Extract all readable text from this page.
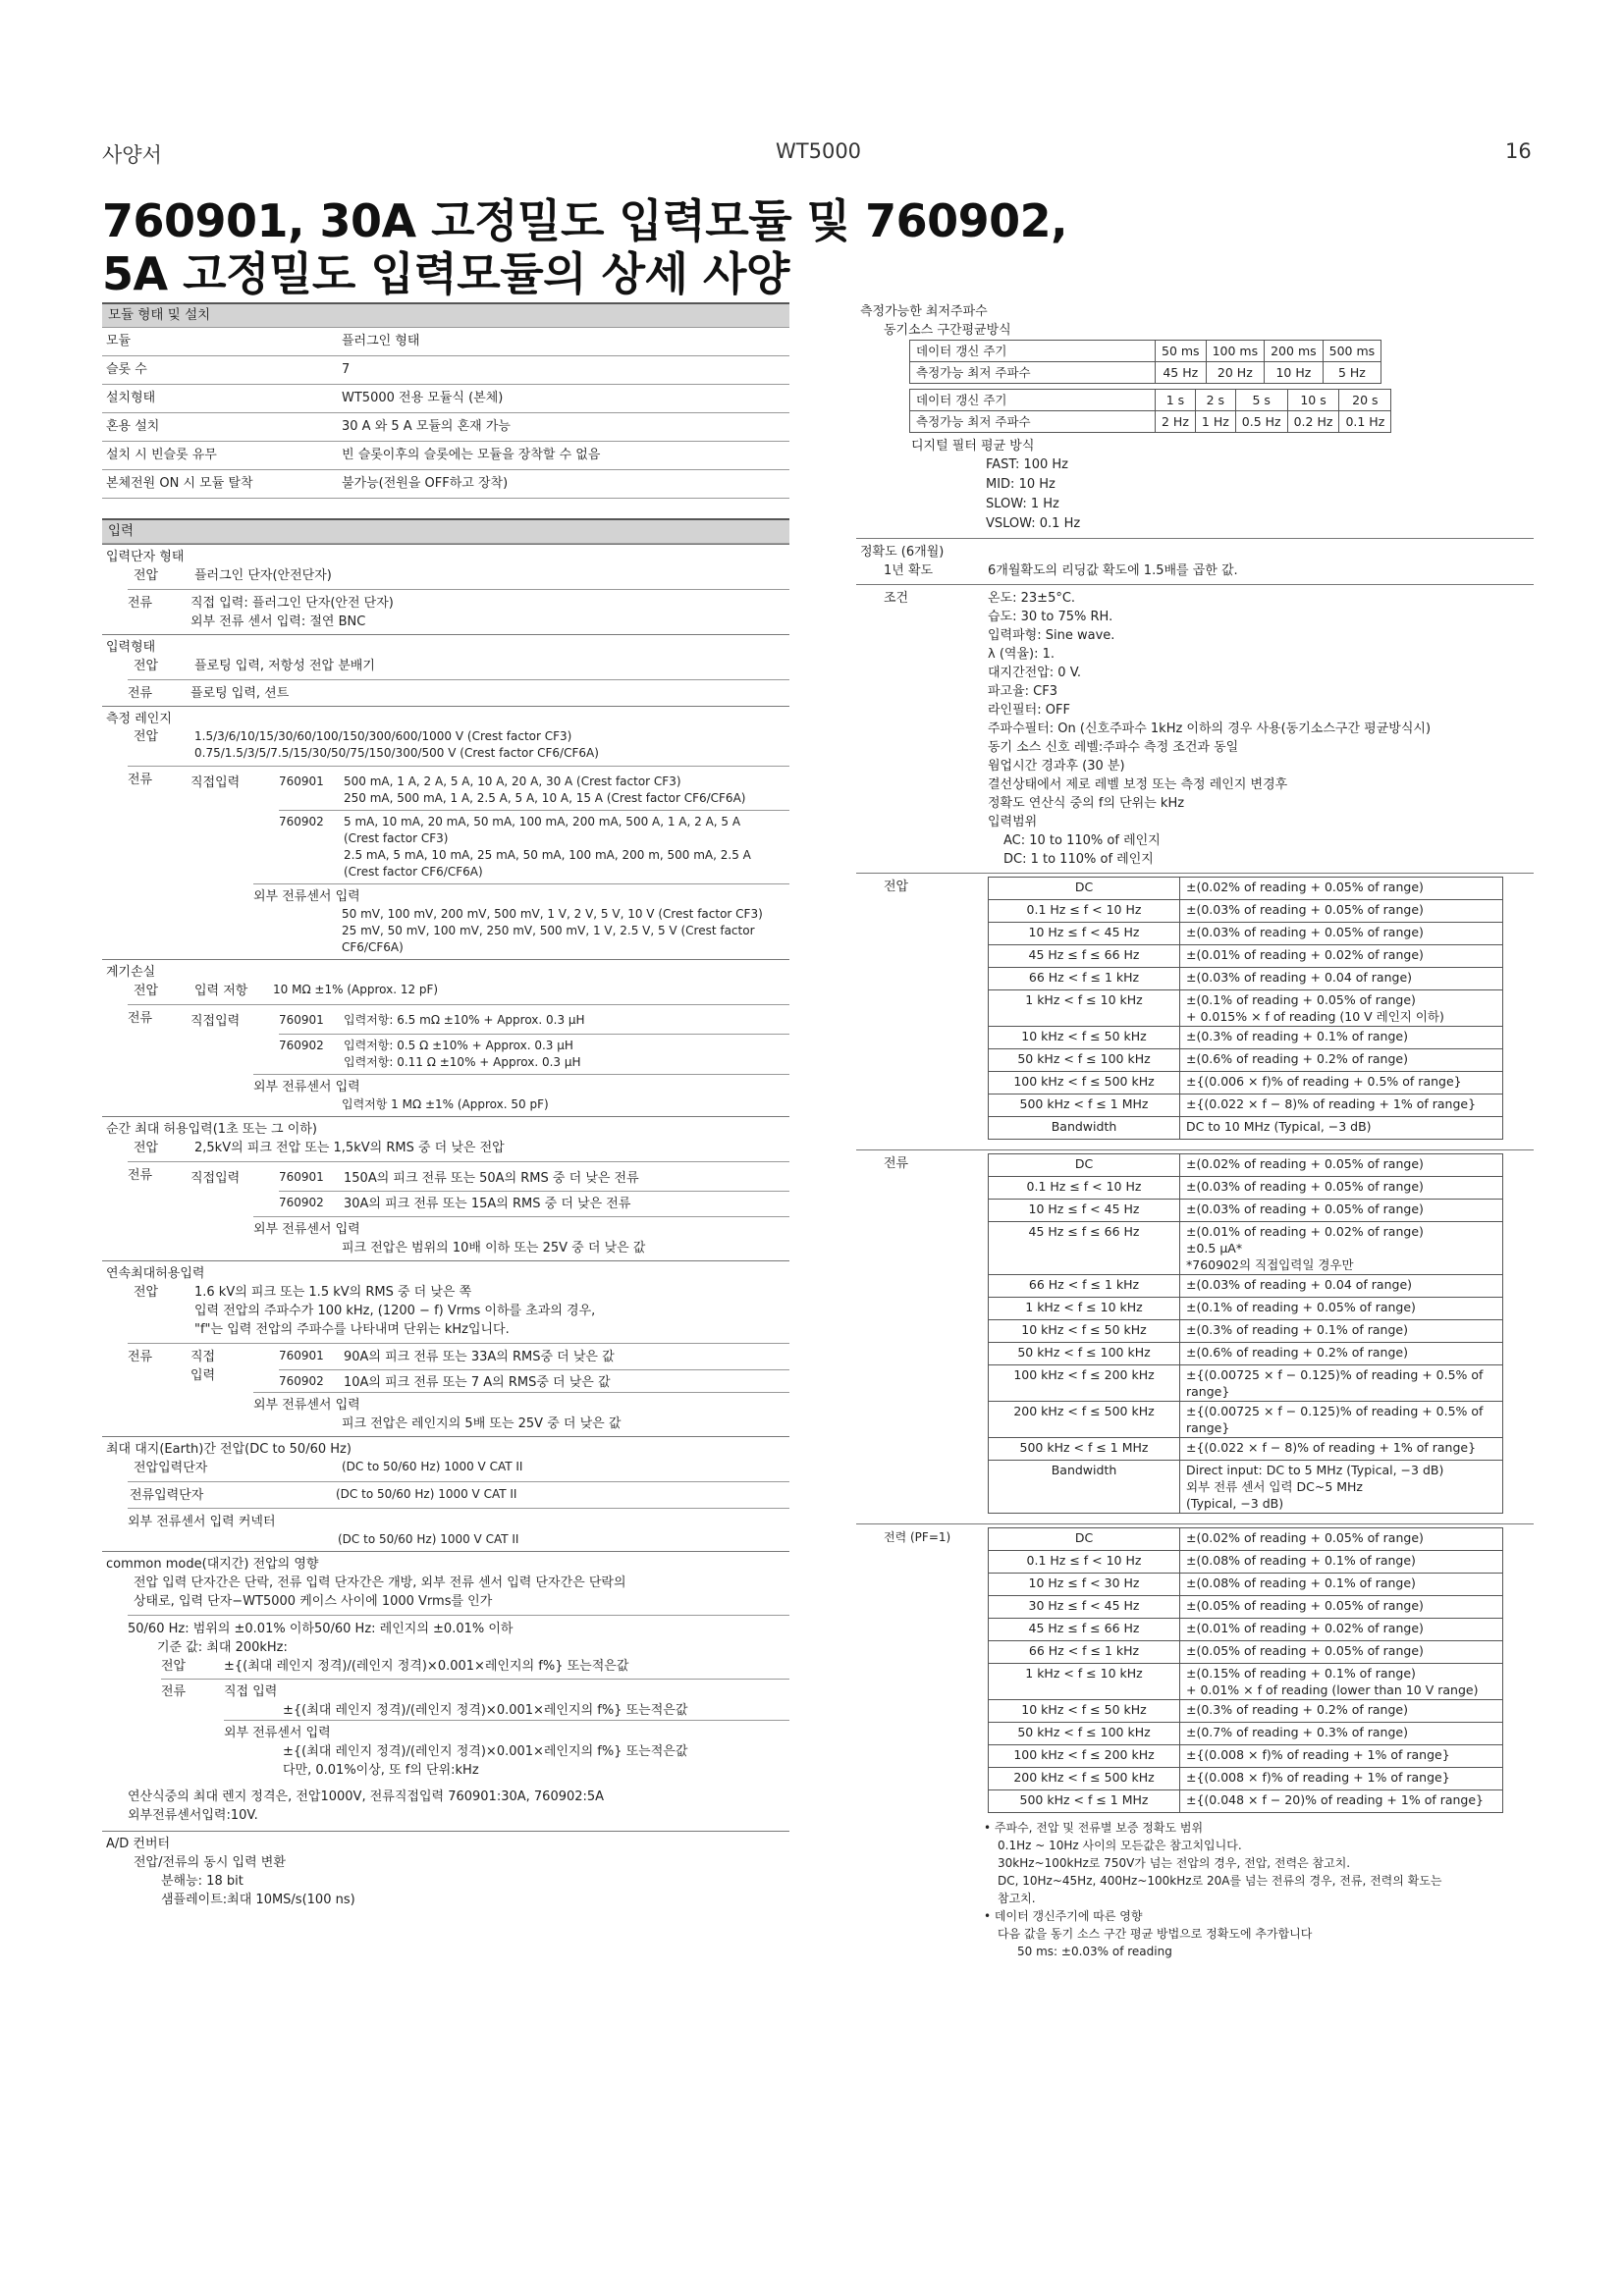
사양서	WT5000	16
760901, 30A 고정밀도 입력모듈 및 760902,
5A 고정밀도 입력모듈의 상세 사양
모듈 형태 및 설치
모듈	플러그인 형태
슬롯 수	7
설치형태	WT5000 전용 모듈식 (본체)
혼용 설치	30 A 와 5 A 모듈의 혼재 가능
설치 시 빈슬롯 유무	빈 슬롯이후의 슬롯에는 모듈을 장착할 수 없음
본체전원 ON 시 모듈 탈착	불가능(전원을 OFF하고 장착)
입력
입력단자 형태
전압	플러그인 단자(안전단자)
전류	직접 입력: 플러그인 단자(안전 단자)
외부 전류 센서 입력: 절연 BNC
입력형태
전압	플로팅 입력, 저항성 전압 분배기
전류	플로팅 입력, 션트
측정 레인지
전압	1.5/3/6/10/15/30/60/100/150/300/600/1000 V (Crest factor CF3)
0.75/1.5/3/5/7.5/15/30/50/75/150/300/500 V (Crest factor CF6/CF6A)
전류	직접입력	760901	500 mA, 1 A, 2 A, 5 A, 10 A, 20 A, 30 A (Crest factor CF3)
250 mA, 500 mA, 1 A, 2.5 A, 5 A, 10 A, 15 A (Crest factor CF6/CF6A)
760902	5 mA, 10 mA, 20 mA, 50 mA, 100 mA, 200 mA, 500 A, 1 A, 2 A, 5 A
(Crest factor CF3)
2.5 mA, 5 mA, 10 mA, 25 mA, 50 mA, 100 mA, 200 m, 500 mA, 2.5 A
(Crest factor CF6/CF6A)
외부 전류센서 입력
50 mV, 100 mV, 200 mV, 500 mV, 1 V, 2 V, 5 V, 10 V (Crest factor CF3)
25 mV, 50 mV, 100 mV, 250 mV, 500 mV, 1 V, 2.5 V, 5 V (Crest factor CF6/CF6A)
계기손실
전압	입력 저항	10 MΩ ±1% (Approx. 12 pF)
전류	직접입력	760901	입력저항: 6.5 mΩ ±10% + Approx. 0.3 µH
760902	입력저항: 0.5 Ω ±10% + Approx. 0.3 µH
입력저항: 0.11 Ω ±10% + Approx. 0.3 µH
외부 전류센서 입력
입력저항 1 MΩ ±1% (Approx. 50 pF)
순간 최대 허용입력(1초 또는 그 이하)
전압	2,5kV의 피크 전압 또는 1,5kV의 RMS 중 더 낮은 전압
전류	직접입력	760901	150A의 피크 전류 또는 50A의 RMS 중 더 낮은 전류
760902	30A의 피크 전류 또는 15A의 RMS 중 더 낮은 전류
외부 전류센서 입력
피크 전압은 범위의 10배 이하 또는 25V 중 더 낮은 값
연속최대허용입력
전압	1.6 kV의 피크 또는 1.5 kV의 RMS 중 더 낮은 쪽
입력 전압의 주파수가 100 kHz, (1200 − f) Vrms 이하를 초과의 경우,
"f"는 입력 전압의 주파수를 나타내며 단위는 kHz입니다.
전류	직접
입력
760901	90A의 피크 전류 또는 33A의 RMS중 더 낮은 값
760902	10A의 피크 전류 또는 7 A의 RMS중 더 낮은 값
외부 전류센서 입력
피크 전압은 레인지의 5배 또는 25V 중 더 낮은 값
최대 대지(Earth)간 전압(DC to 50/60 Hz)
전압입력단자	(DC to 50/60 Hz) 1000 V CAT II
전류입력단자	(DC to 50/60 Hz) 1000 V CAT II
외부 전류센서 입력 커넥터
(DC to 50/60 Hz) 1000 V CAT II
common mode(대지간) 전압의 영향
전압 입력 단자간은 단락, 전류 입력 단자간은 개방, 외부 전류 센서 입력 단자간은 단락의
상태로, 입력 단자−WT5000 케이스 사이에 1000 Vrms를 인가
50/60 Hz: 범위의 ±0.01% 이하50/60 Hz: 레인지의 ±0.01% 이하
기준 값: 최대 200kHz:
전압	±{(최대 레인지 정격)/(레인지 정격)×0.001×레인지의 f%} 또는적은값
전류	직접 입력
±{(최대 레인지 정격)/(레인지 정격)×0.001×레인지의 f%} 또는적은값
외부 전류센서 입력
±{(최대 레인지 정격)/(레인지 정격)×0.001×레인지의 f%} 또는적은값
다만, 0.01%이상, 또 f의 단위:kHz
연산식중의 최대 렌지 정격은, 전압1000V, 전류직접입력 760901:30A, 760902:5A
외부전류센서입력:10V.
A/D 컨버터
전압/전류의 동시 입력 변환
분해능: 18 bit
샘플레이트:최대 10MS/s(100 ns)
측정가능한 최저주파수
동기소스 구간평균방식
데이터 갱신 주기	50 ms	100 ms	200 ms	500 ms
측정가능 최저 주파수	45 Hz	20 Hz	10 Hz	5 Hz
데이터 갱신 주기	1 s	2 s	5 s	10 s	20 s
측정가능 최저 주파수	2 Hz	1 Hz	0.5 Hz	0.2 Hz	0.1 Hz
디지털 필터 평균 방식
FAST: 100 Hz
MID: 10 Hz
SLOW: 1 Hz
VSLOW: 0.1 Hz
정확도 (6개월)
1년 확도	6개월확도의 리딩값 확도에 1.5배를 곱한 값.
조건	온도: 23±5°C.
습도: 30 to 75% RH.
입력파형: Sine wave.
λ (역율): 1.
대지간전압: 0 V.
파고율: CF3
라인필터: OFF
주파수필터: On (신호주파수 1kHz 이하의 경우 사용(동기소스구간 평균방식시)
동기 소스 신호 레벨:주파수 측정 조건과 동일
웜업시간 경과후 (30 분)
결선상태에서 제로 레벨 보정 또는 측정 레인지 변경후
정확도 연산식 중의 f의 단위는 kHz
입력범위
AC: 10 to 110% of 레인지
DC: 1 to 110% of 레인지
전압	DC	±(0.02% of reading + 0.05% of range)

0.1 Hz ≤ f < 10 Hz	±(0.03% of reading + 0.05% of range)

10 Hz ≤ f < 45 Hz	±(0.03% of reading + 0.05% of range)

45 Hz ≤ f ≤ 66 Hz	±(0.01% of reading + 0.02% of range)

66 Hz < f ≤ 1 kHz	±(0.03% of reading + 0.04 of range)

1 kHz < f ≤ 10 kHz	±(0.1% of reading + 0.05% of range)
+ 0.015% × f of reading (10 V 레인지 이하)

10 kHz < f ≤ 50 kHz	±(0.3% of reading + 0.1% of range)

50 kHz < f ≤ 100 kHz	±(0.6% of reading + 0.2% of range)

100 kHz < f ≤ 500 kHz	±{(0.006 × f)% of reading + 0.5% of range}

500 kHz < f ≤ 1 MHz	±{(0.022 × f − 8)% of reading + 1% of range}

Bandwidth	DC to 10 MHz (Typical, −3 dB)
전류	DC	±(0.02% of reading + 0.05% of range)

0.1 Hz ≤ f < 10 Hz	±(0.03% of reading + 0.05% of range)

10 Hz ≤ f < 45 Hz	±(0.03% of reading + 0.05% of range)

45 Hz ≤ f ≤ 66 Hz	±(0.01% of reading + 0.02% of range)
±0.5 µA*
*760902의 직접입력일 경우만

66 Hz < f ≤ 1 kHz	±(0.03% of reading + 0.04 of range)

1 kHz < f ≤ 10 kHz	±(0.1% of reading + 0.05% of range)

10 kHz < f ≤ 50 kHz	±(0.3% of reading + 0.1% of range)

50 kHz < f ≤ 100 kHz	±(0.6% of reading + 0.2% of range)

100 kHz < f ≤ 200 kHz	±{(0.00725 × f − 0.125)% of reading + 0.5% of range}

200 kHz < f ≤ 500 kHz	±{(0.00725 × f − 0.125)% of reading + 0.5% of range}

500 kHz < f ≤ 1 MHz	±{(0.022 × f − 8)% of reading + 1% of range}

Bandwidth	Direct input: DC to 5 MHz (Typical, −3 dB)
외부 전류 센서 입력 DC~5 MHz
(Typical, −3 dB)
전력 (PF=1)	DC	±(0.02% of reading + 0.05% of range)

0.1 Hz ≤ f < 10 Hz	±(0.08% of reading + 0.1% of range)

10 Hz ≤ f < 30 Hz	±(0.08% of reading + 0.1% of range)

30 Hz ≤ f < 45 Hz	±(0.05% of reading + 0.05% of range)

45 Hz ≤ f ≤ 66 Hz	±(0.01% of reading + 0.02% of range)

66 Hz < f ≤ 1 kHz	±(0.05% of reading + 0.05% of range)

1 kHz < f ≤ 10 kHz	±(0.15% of reading + 0.1% of range)
+ 0.01% × f of reading (lower than 10 V range)

10 kHz < f ≤ 50 kHz	±(0.3% of reading + 0.2% of range)

50 kHz < f ≤ 100 kHz	±(0.7% of reading + 0.3% of range)

100 kHz < f ≤ 200 kHz	±{(0.008 × f)% of reading + 1% of range}

200 kHz < f ≤ 500 kHz	±{(0.008 × f)% of reading + 1% of range}

500 kHz < f ≤ 1 MHz	±{(0.048 × f − 20)% of reading + 1% of range}
• 주파수, 전압 및 전류별 보증 정확도 범위
0.1Hz ~ 10Hz 사이의 모든값은 참고치입니다.
30kHz~100kHz로 750V가 넘는 전압의 경우, 전압, 전력은 참고치.
DC, 10Hz~45Hz, 400Hz~100kHz로 20A를 넘는 전류의 경우, 전류, 전력의 확도는
참고치.
• 데이터 갱신주기에 따른 영향
다음 값을 동기 소스 구간 평균 방법으로 정확도에 추가합니다
50 ms: ±0.03% of reading
